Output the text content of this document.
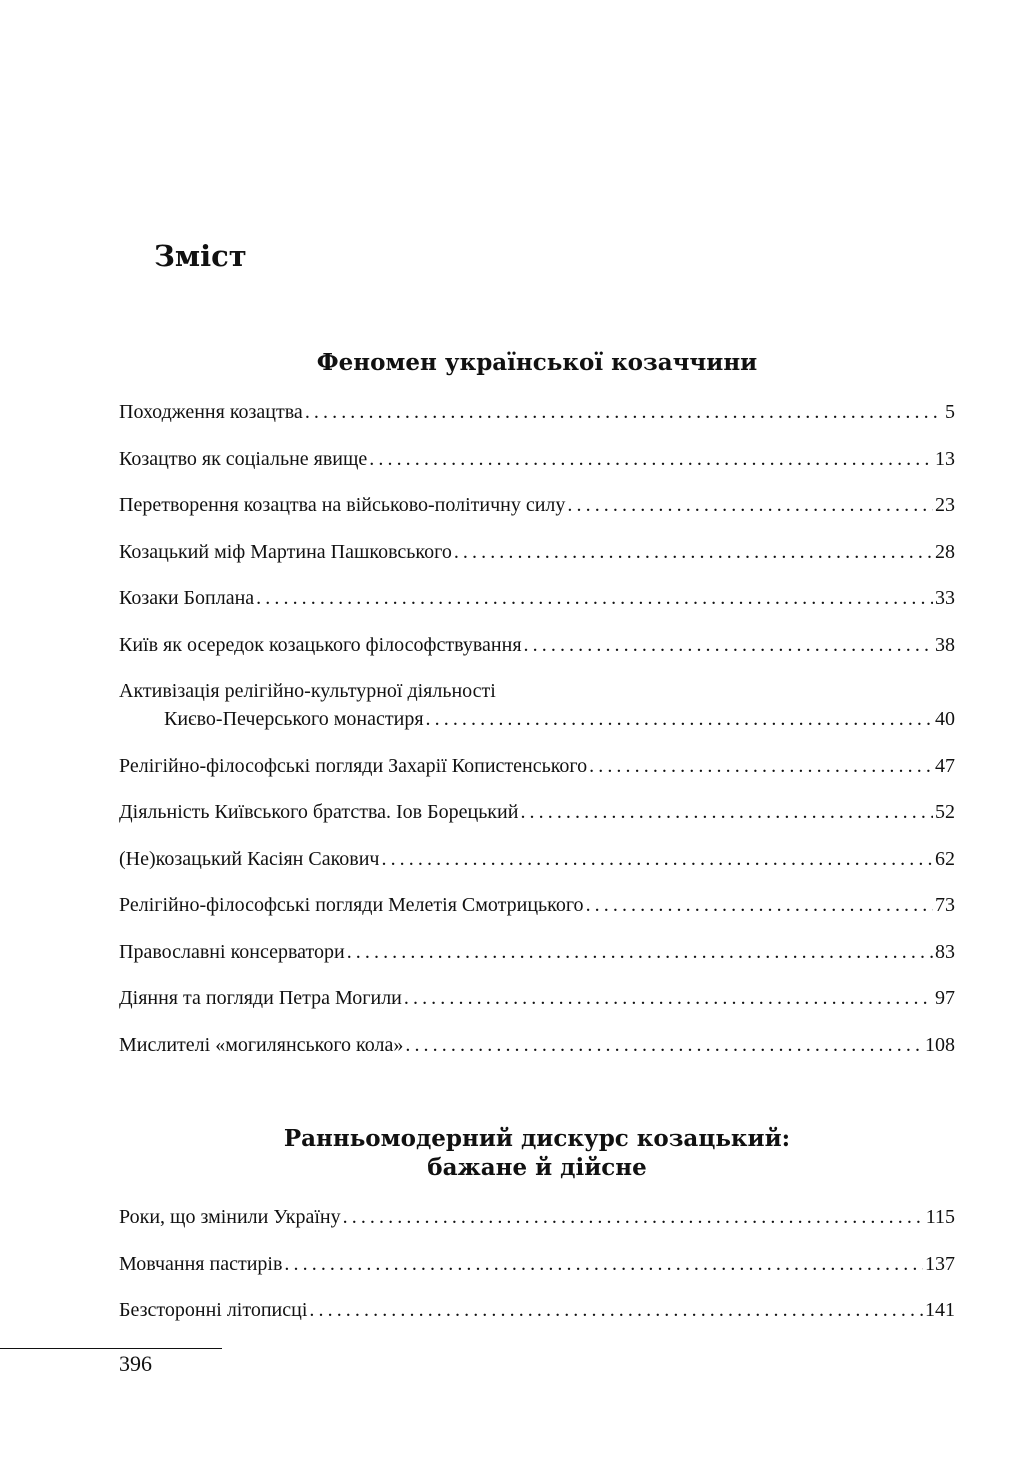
Зміст
Феномен української козаччини
Походження козацтва .....	5
Козацтво як соціальне явище .....	13
Перетворення козацтва на військово-політичну силу .....	23
Козацький міф Мартина Пашковського .....	28
Козаки Боплана .....	33
Київ як осередок козацького філософствування .....	38
Активізація релігійно-культурної діяльності
Києво-Печерського монастиря .....	40
Релігійно-філософські погляди Захарії Копистенського .....	47
Діяльність Київського братства. Іов Борецький .....	52
(Не)козацький Касіян Сакович .....	62
Релігійно-філософські погляди Мелетія Смотрицького .....	73
Православні консерватори .....	83
Діяння та погляди Петра Могили .....	97
Мислителі «могилянського кола» .....	108
Ранньомодерний дискурс козацький:
бажане й дійсне
Роки, що змінили Україну .....	115
Мовчання пастирів .....	137
Безсторонні літописці .....	141
396
